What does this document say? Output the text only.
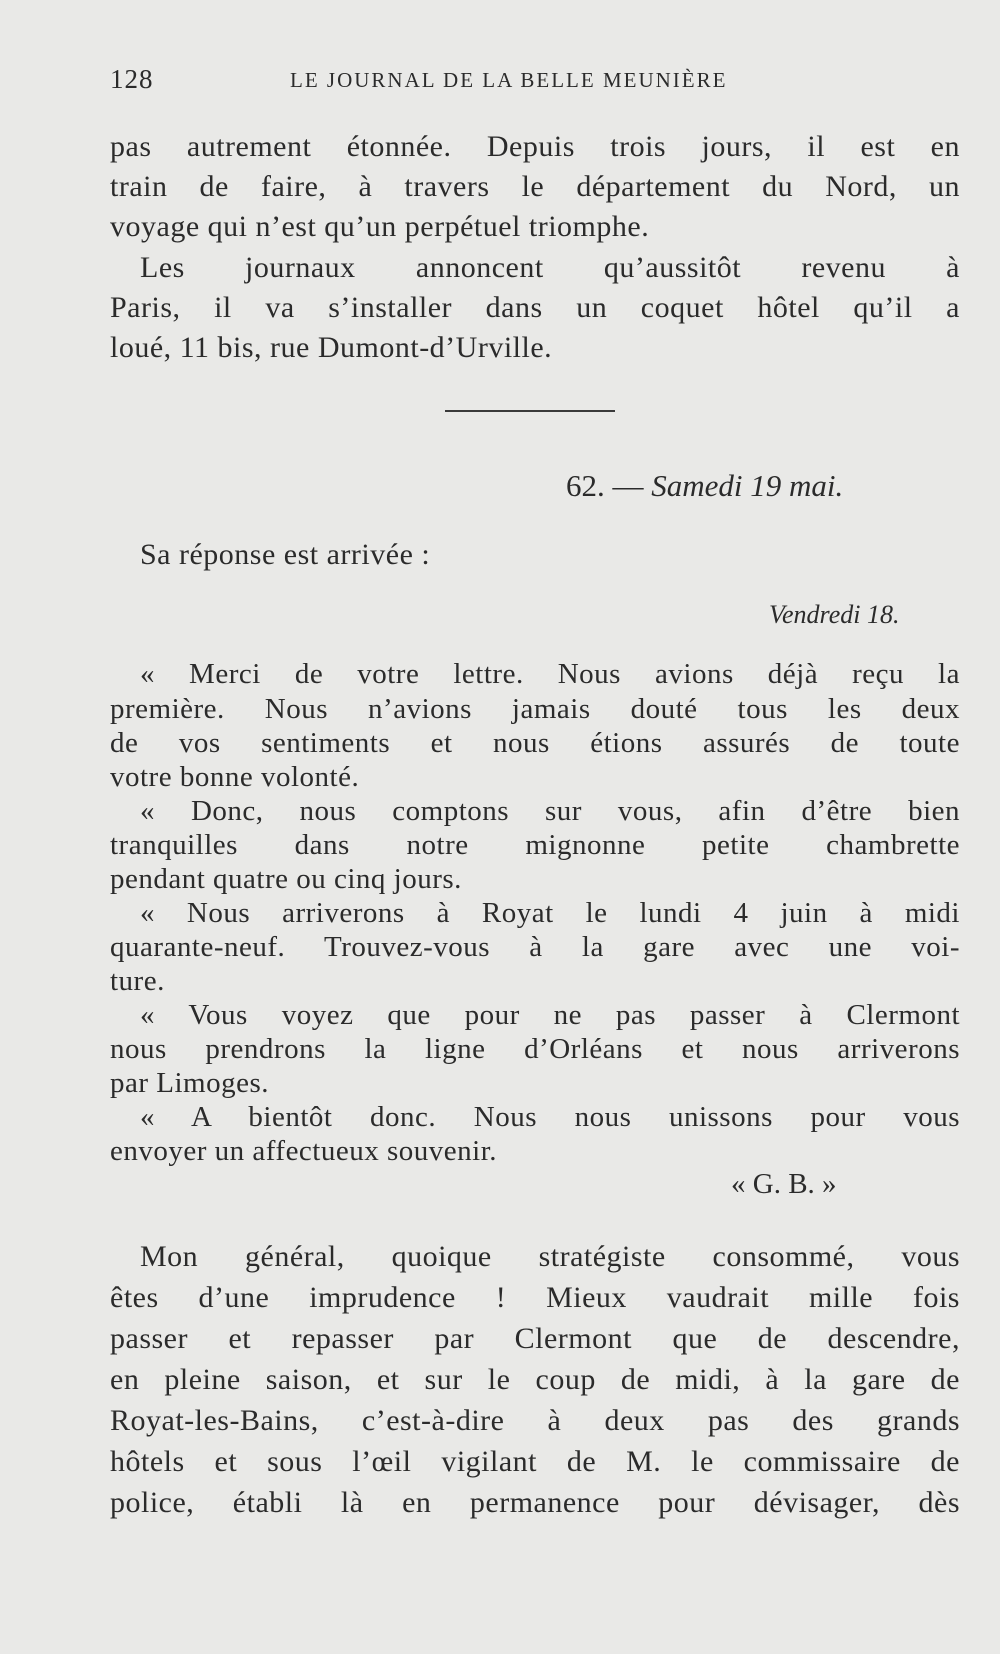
128	LE JOURNAL DE LA BELLE MEUNIÈRE
pas autrement étonnée. Depuis trois jours, il est en
train de faire, à travers le département du Nord, un
voyage qui n’est qu’un perpétuel triomphe.
Les journaux annoncent qu’aussitôt revenu à
Paris, il va s’installer dans un coquet hôtel qu’il a
loué, 11 bis, rue Dumont-d’Urville.
62. — Samedi 19 mai.
Sa réponse est arrivée :
Vendredi 18.
« Merci de votre lettre. Nous avions déjà reçu la
première. Nous n’avions jamais douté tous les deux
de vos sentiments et nous étions assurés de toute
votre bonne volonté.
« Donc, nous comptons sur vous, afin d’être bien
tranquilles dans notre mignonne petite chambrette
pendant quatre ou cinq jours.
« Nous arriverons à Royat le lundi 4 juin à midi
quarante-neuf. Trouvez-vous à la gare avec une voi-
ture.
« Vous voyez que pour ne pas passer à Clermont
nous prendrons la ligne d’Orléans et nous arriverons
par Limoges.
« A bientôt donc. Nous nous unissons pour vous
envoyer un affectueux souvenir.
« G. B. »
Mon général, quoique stratégiste consommé, vous
êtes d’une imprudence ! Mieux vaudrait mille fois
passer et repasser par Clermont que de descendre,
en pleine saison, et sur le coup de midi, à la gare de
Royat-les-Bains, c’est-à-dire à deux pas des grands
hôtels et sous l’œil vigilant de M. le commissaire de
police, établi là en permanence pour dévisager, dès
